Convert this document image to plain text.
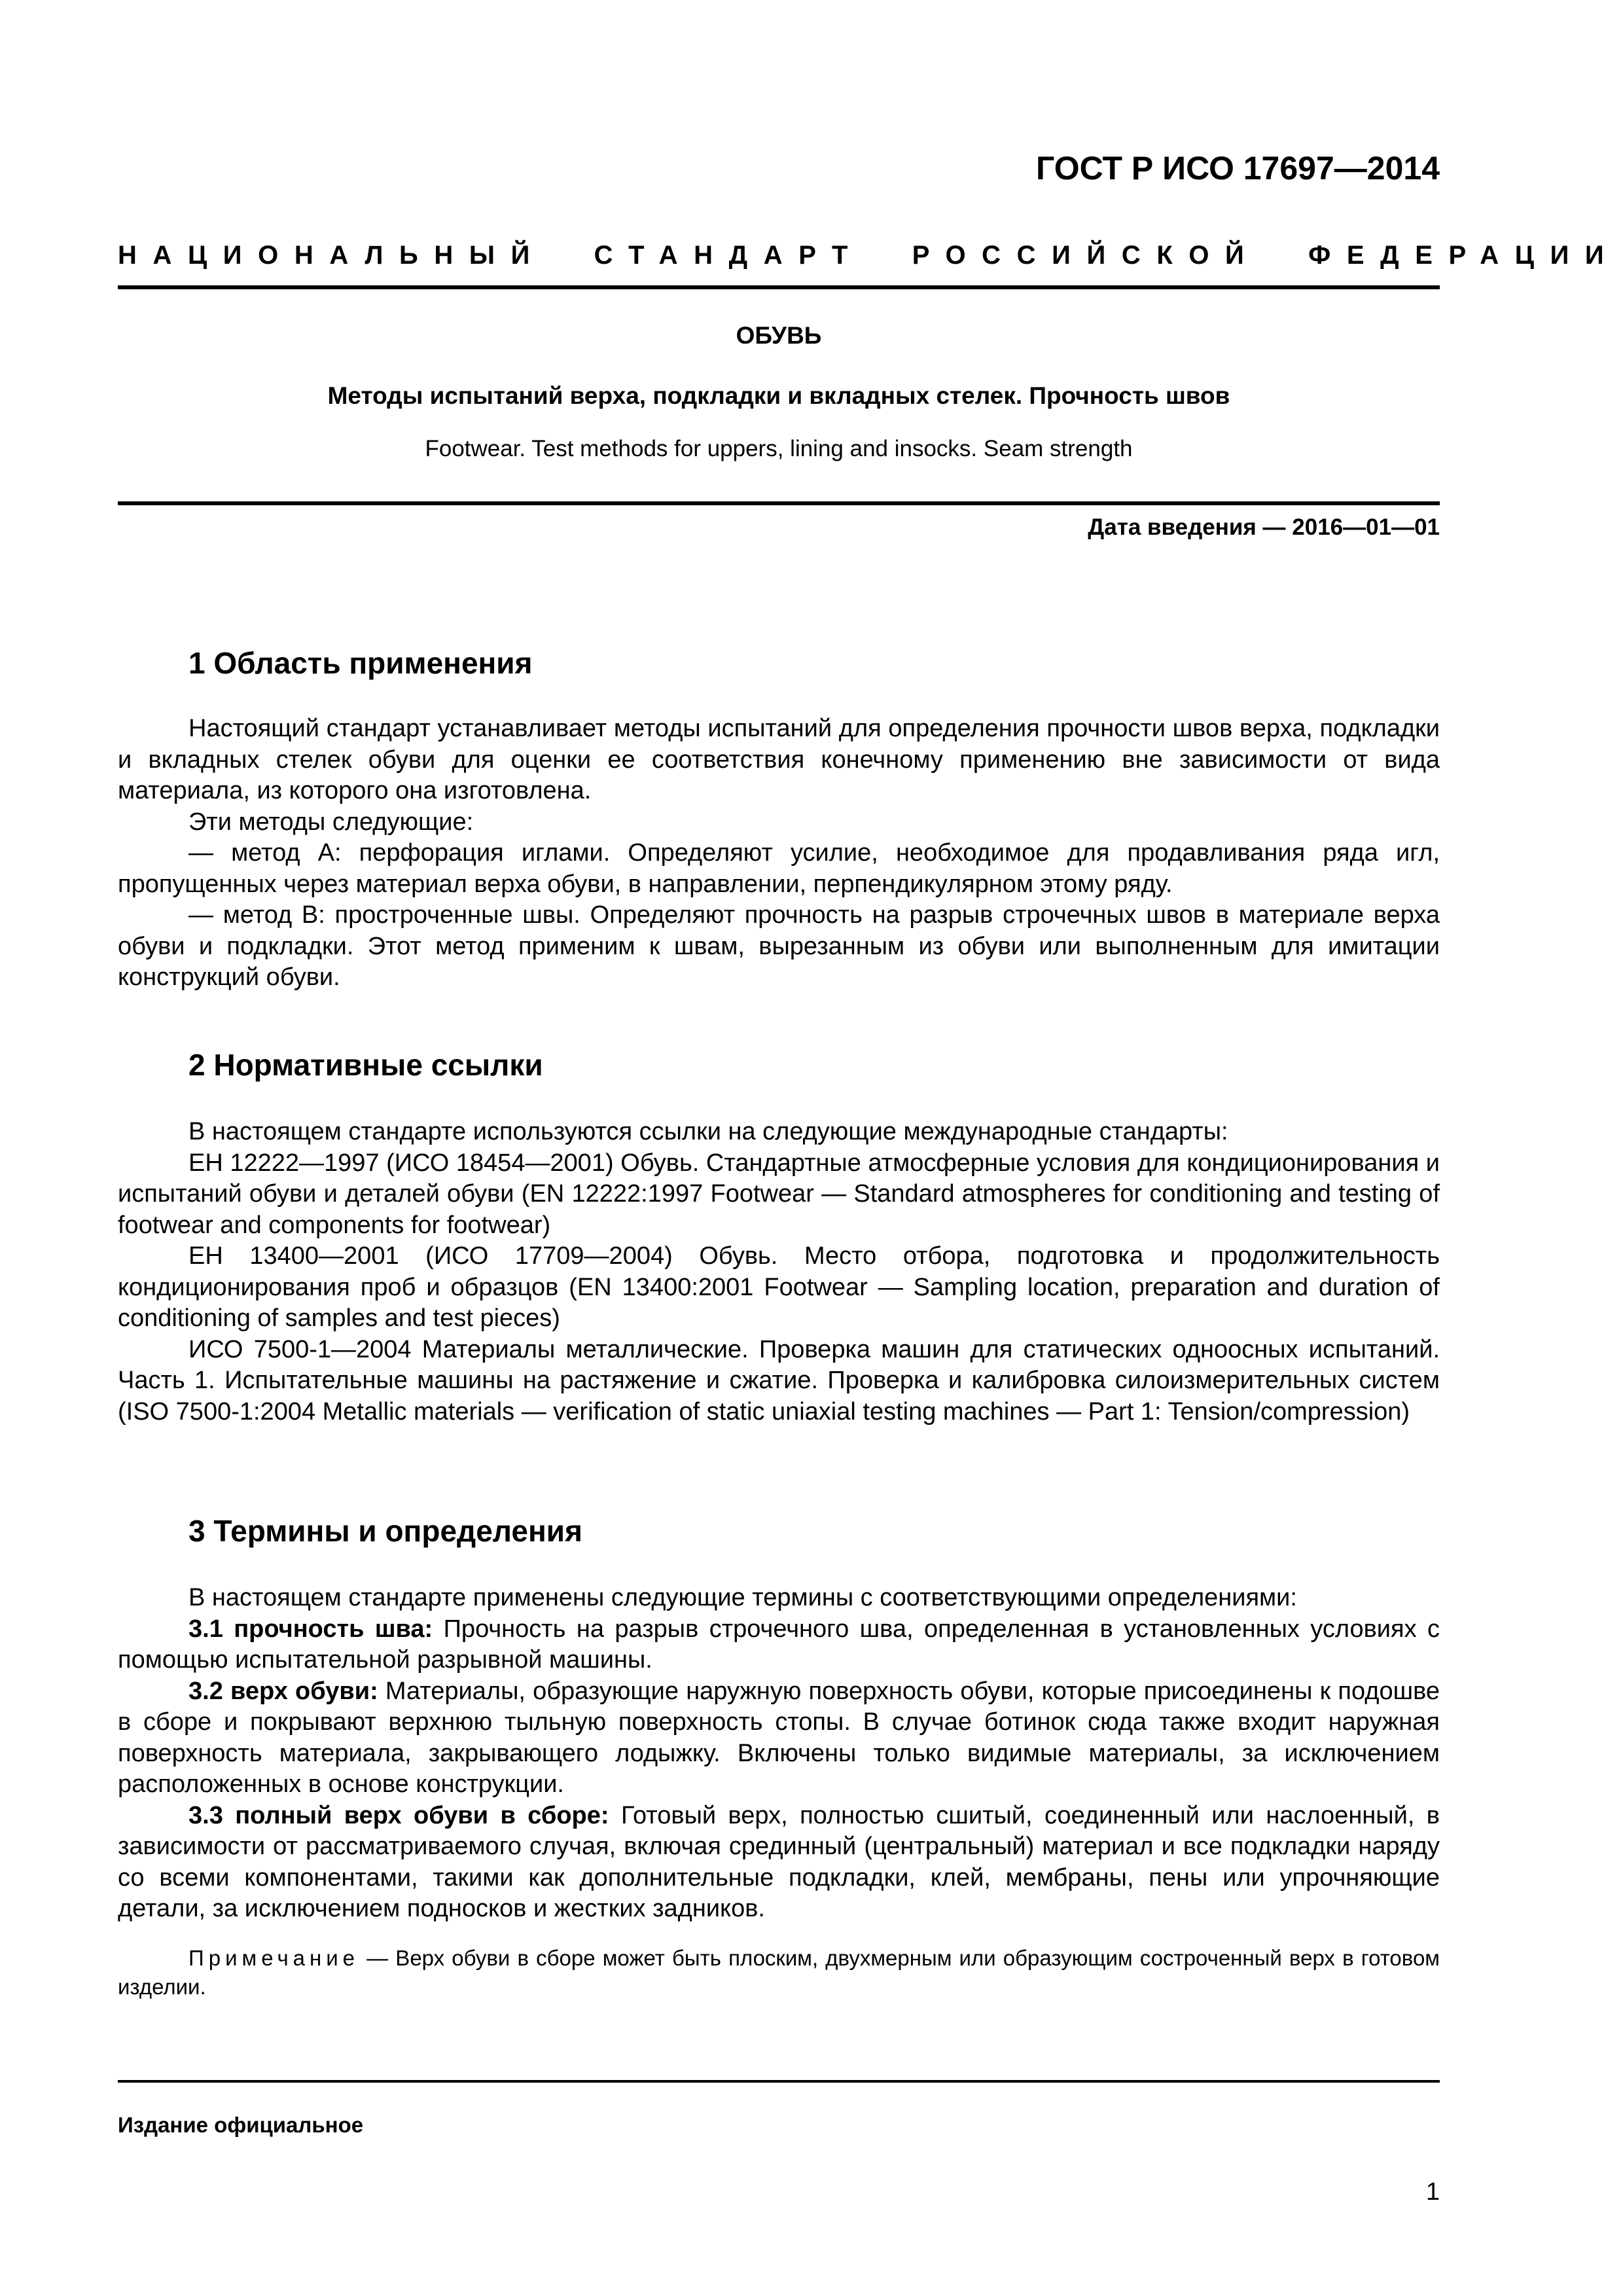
ГОСТ Р ИСО 17697—2014
НАЦИОНАЛЬНЫЙ СТАНДАРТ РОССИЙСКОЙ ФЕДЕРАЦИИ
ОБУВЬ
Методы испытаний верха, подкладки и вкладных стелек. Прочность швов
Footwear. Test methods for uppers, lining and insocks. Seam strength
Дата введения — 2016—01—01
1 Область применения

Настоящий стандарт устанавливает методы испытаний для определения прочности швов верха, подкладки и вкладных стелек обуви для оценки ее соответствия конечному применению вне зависимости от вида материала, из которого она изготовлена.

Эти методы следующие:

— метод А: перфорация иглами. Определяют усилие, необходимое для продавливания ряда игл, пропущенных через материал верха обуви, в направлении, перпендикулярном этому ряду.

— метод В: простроченные швы. Определяют прочность на разрыв строчечных швов в материале верха обуви и подкладки. Этот метод применим к швам, вырезанным из обуви или выполненным для имитации конструкций обуви.

2 Нормативные ссылки

В настоящем стандарте используются ссылки на следующие международные стандарты:

ЕН 12222—1997 (ИСО 18454—2001) Обувь. Стандартные атмосферные условия для кондиционирования и испытаний обуви и деталей обуви (EN 12222:1997 Footwear — Standard atmospheres for conditioning and testing of footwear and components for footwear)

ЕН 13400—2001 (ИСО 17709—2004) Обувь. Место отбора, подготовка и продолжительность кондиционирования проб и образцов (EN 13400:2001 Footwear — Sampling location, preparation and duration of conditioning of samples and test pieces)

ИСО 7500-1—2004 Материалы металлические. Проверка машин для статических одноосных испытаний. Часть 1. Испытательные машины на растяжение и сжатие. Проверка и калибровка силоизмерительных систем (ISO 7500-1:2004 Metallic materials — verification of static uniaxial testing machines — Part 1: Tension/compression)

3 Термины и определения

В настоящем стандарте применены следующие термины с соответствующими определениями:

3.1 прочность шва: Прочность на разрыв строчечного шва, определенная в установленных условиях с помощью испытательной разрывной машины.

3.2 верх обуви: Материалы, образующие наружную поверхность обуви, которые присоединены к подошве в сборе и покрывают верхнюю тыльную поверхность стопы. В случае ботинок сюда также входит наружная поверхность материала, закрывающего лодыжку. Включены только видимые материалы, за исключением расположенных в основе конструкции.

3.3 полный верх обуви в сборе: Готовый верх, полностью сшитый, соединенный или наслоенный, в зависимости от рассматриваемого случая, включая срединный (центральный) материал и все подкладки наряду со всеми компонентами, такими как дополнительные подкладки, клей, мембраны, пены или упрочняющие детали, за исключением подносков и жестких задников.

Примечание — Верх обуви в сборе может быть плоским, двухмерным или образующим состроченный верх в готовом изделии.

Издание официальное
1
